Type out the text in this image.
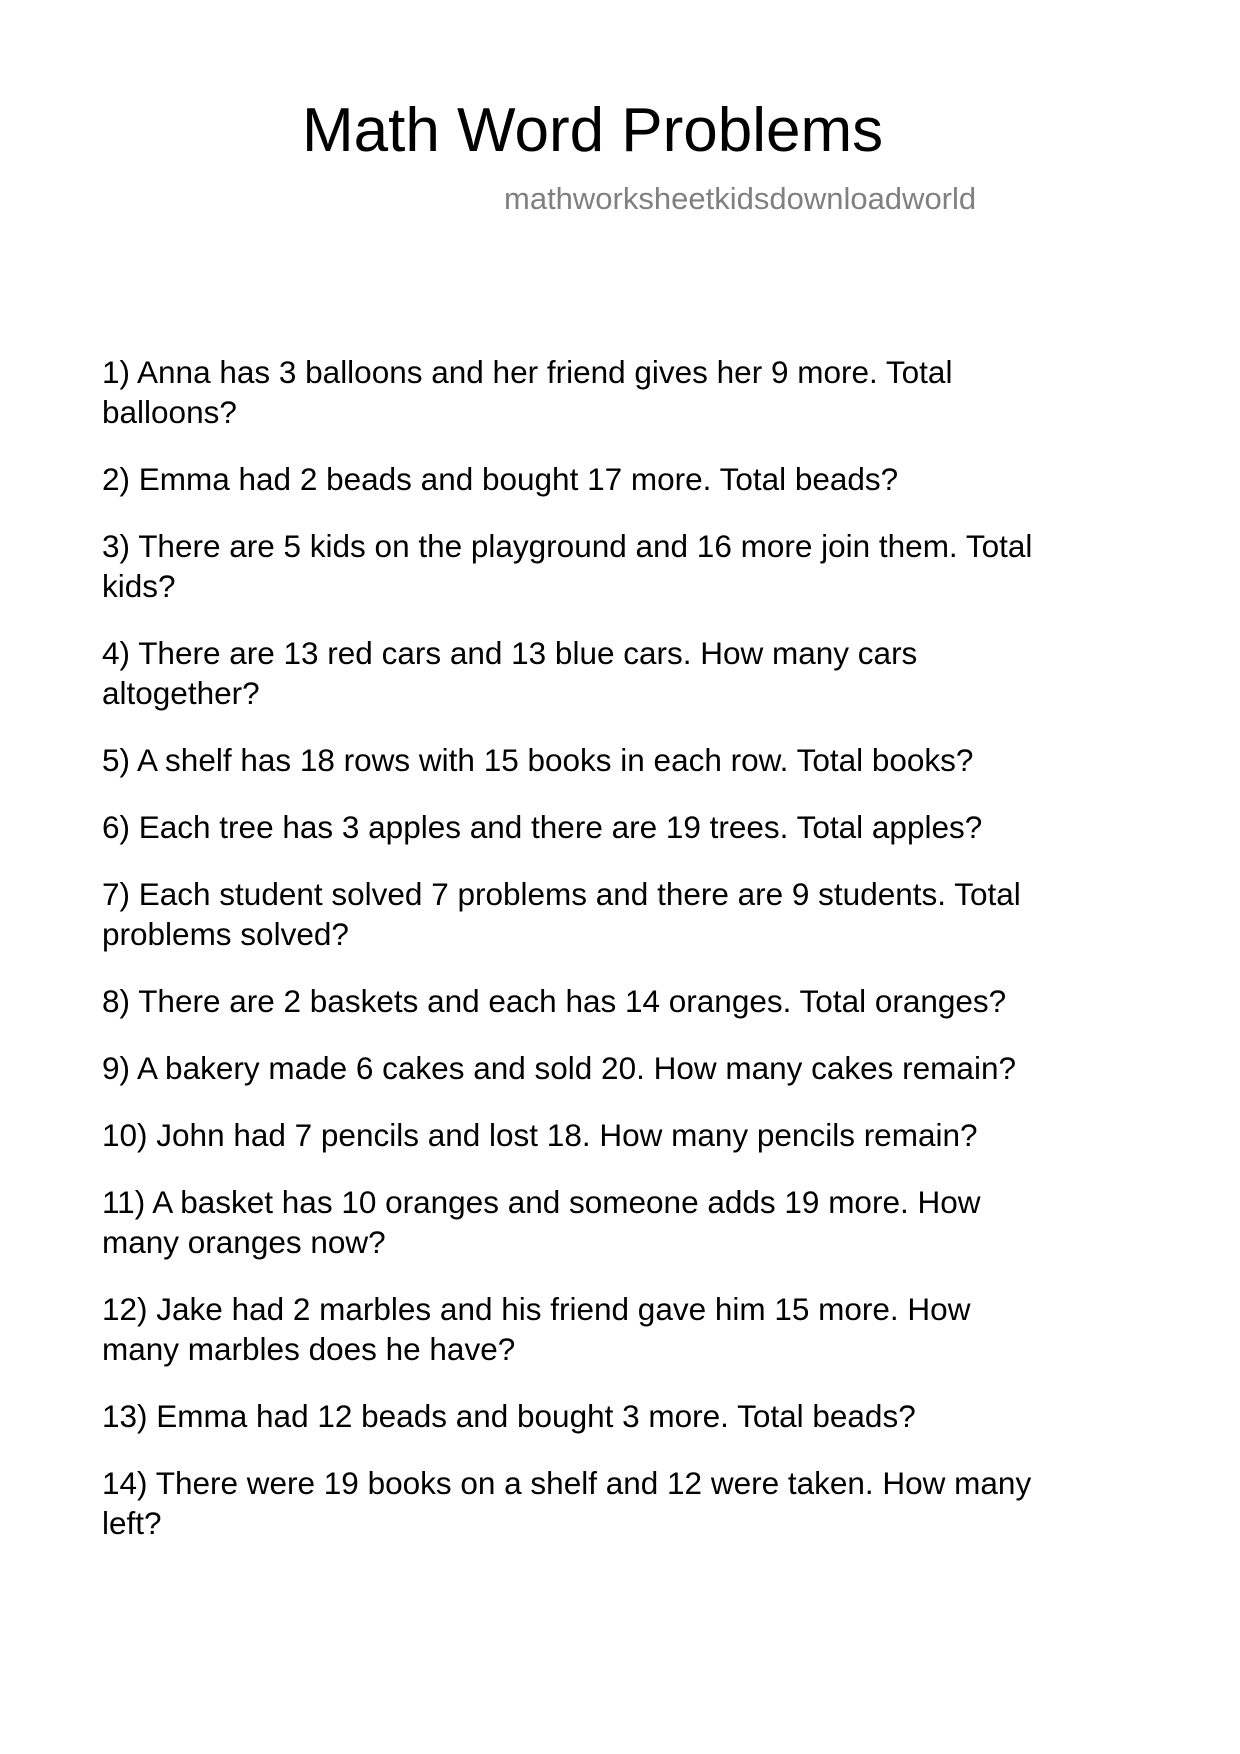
Math Word Problems
mathworksheetkidsdownloadworld
1) Anna has 3 balloons and her friend gives her 9 more. Total
balloons?
2) Emma had 2 beads and bought 17 more. Total beads?
3) There are 5 kids on the playground and 16 more join them. Total
kids?
4) There are 13 red cars and 13 blue cars. How many cars
altogether?
5) A shelf has 18 rows with 15 books in each row. Total books?
6) Each tree has 3 apples and there are 19 trees. Total apples?
7) Each student solved 7 problems and there are 9 students. Total
problems solved?
8) There are 2 baskets and each has 14 oranges. Total oranges?
9) A bakery made 6 cakes and sold 20. How many cakes remain?
10) John had 7 pencils and lost 18. How many pencils remain?
11) A basket has 10 oranges and someone adds 19 more. How
many oranges now?
12) Jake had 2 marbles and his friend gave him 15 more. How
many marbles does he have?
13) Emma had 12 beads and bought 3 more. Total beads?
14) There were 19 books on a shelf and 12 were taken. How many
left?
